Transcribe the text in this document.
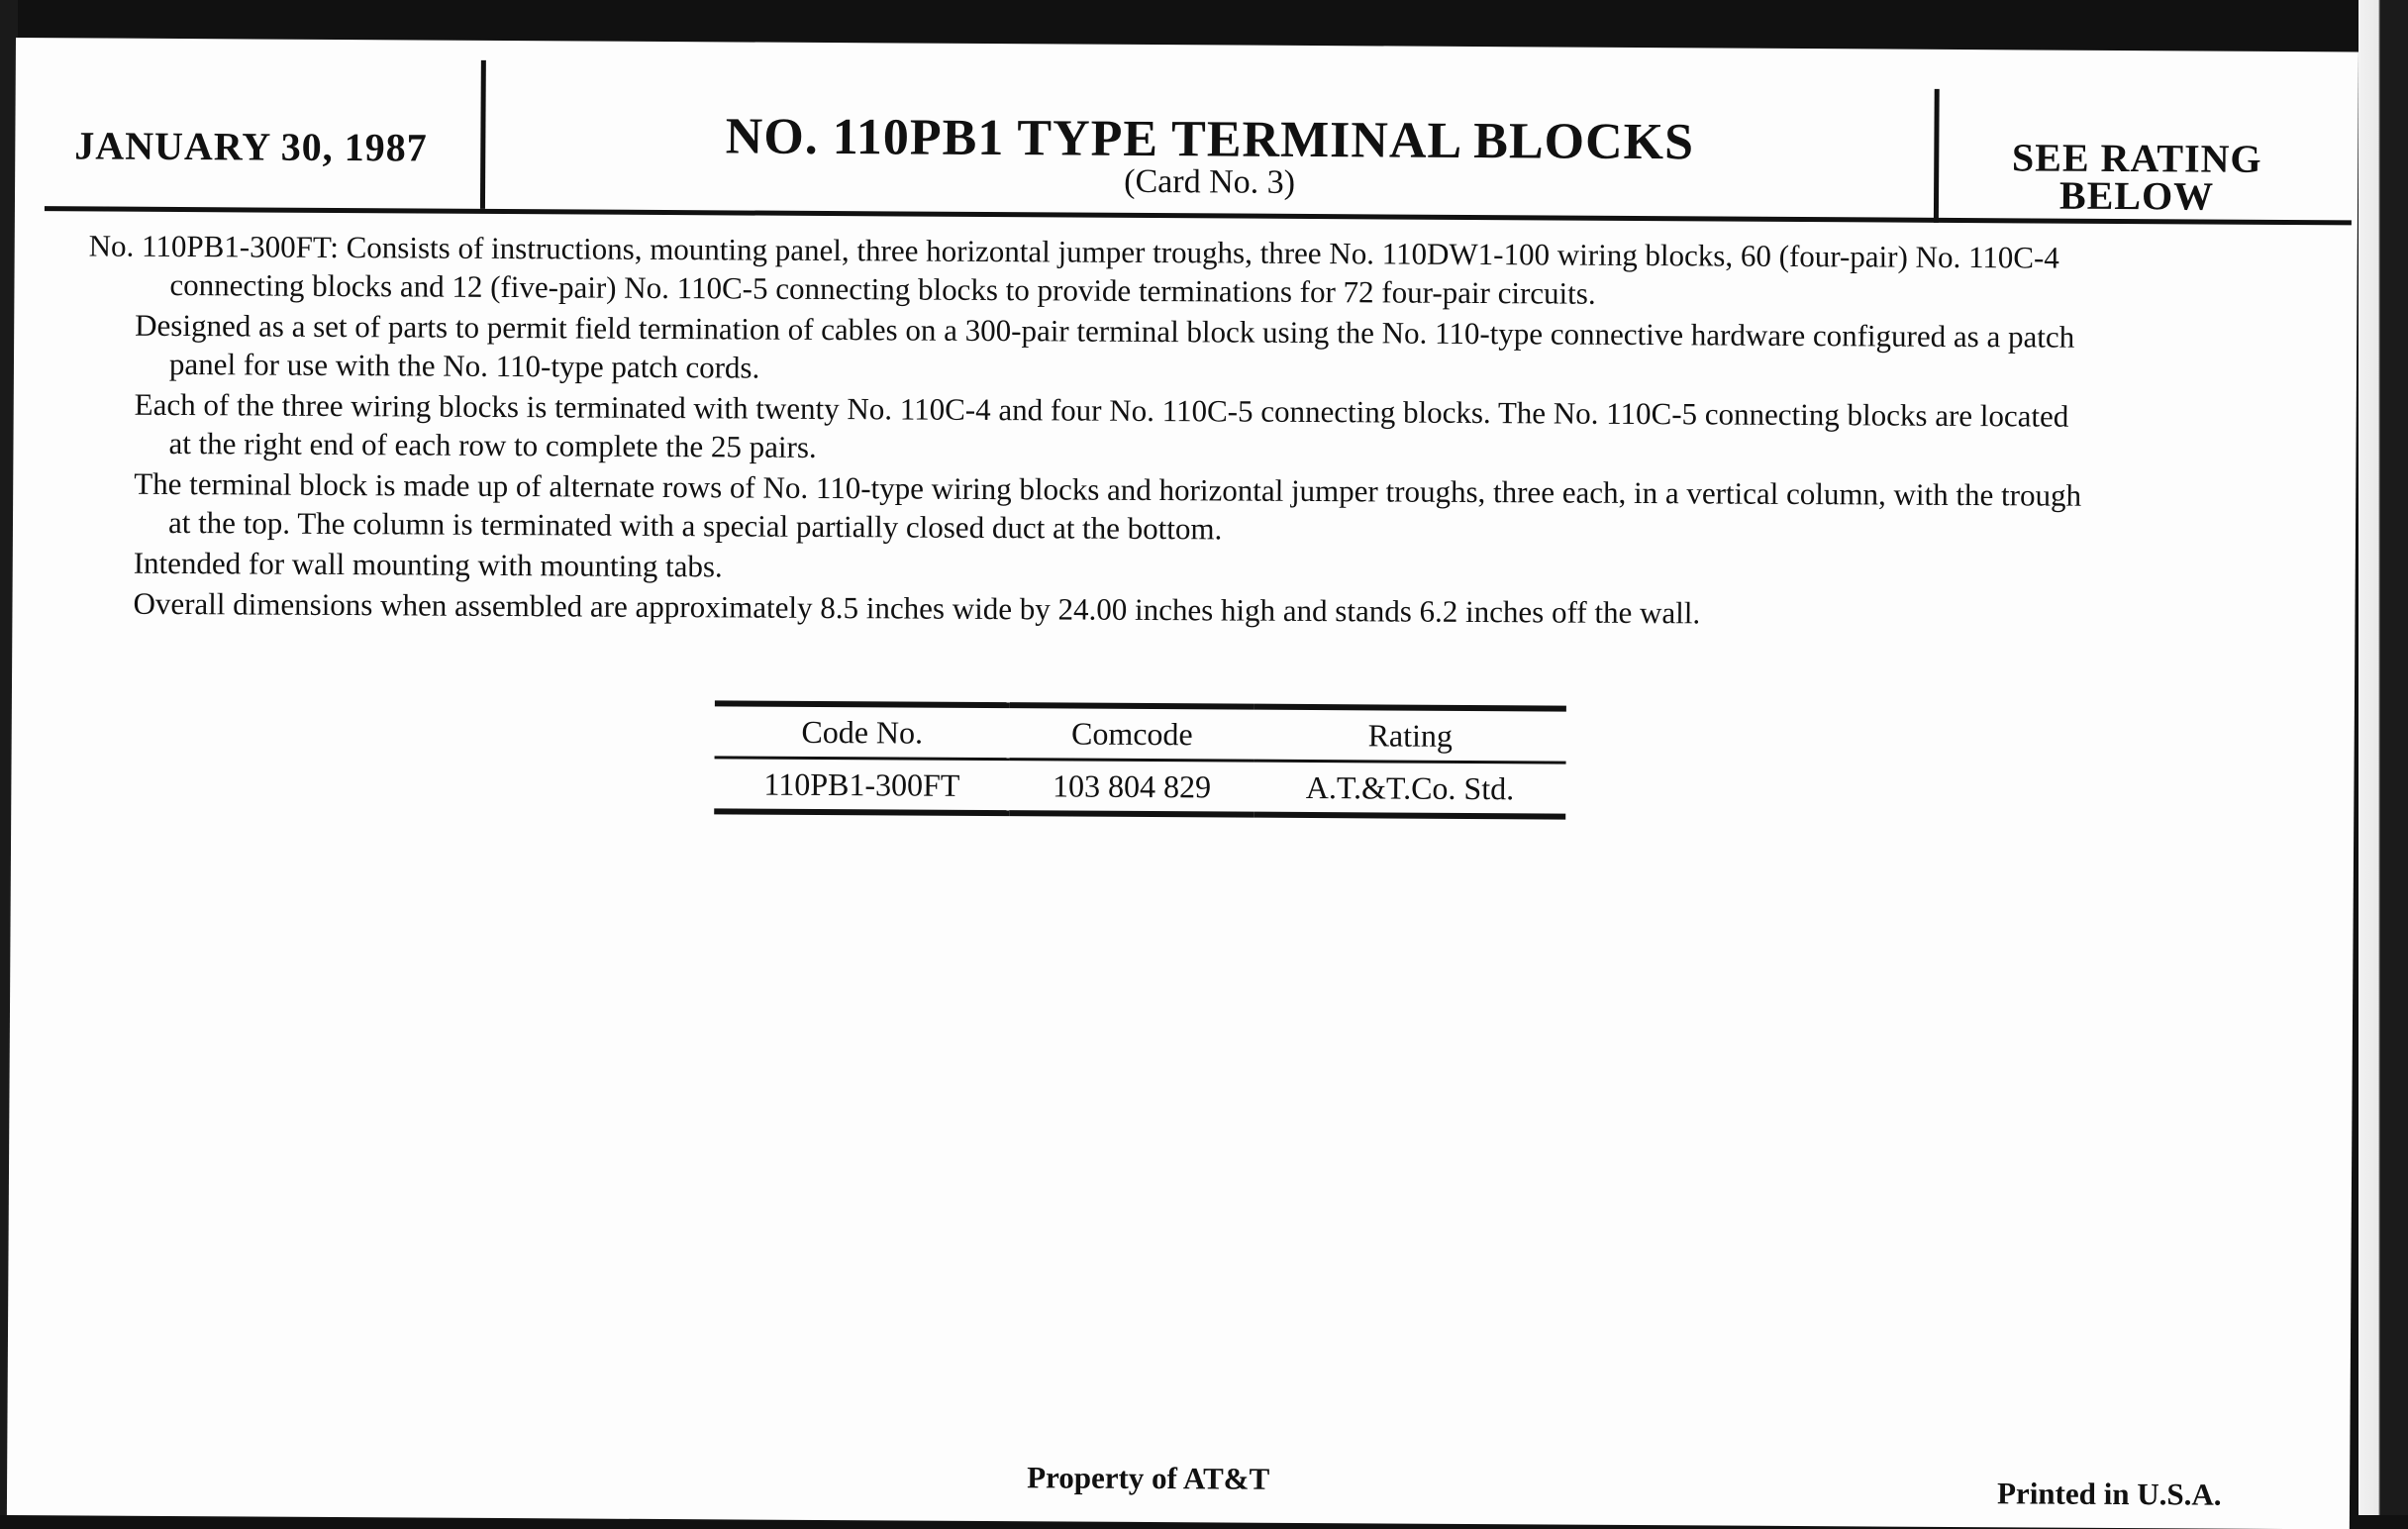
JANUARY 30, 1987	NO. 110PB1 TYPE TERMINAL BLOCKS
(Card No. 3)
SEE RATING
BELOW
No. 110PB1-300FT: Consists of instructions, mounting panel, three horizontal jumper troughs, three No. 110DW1-100 wiring blocks, 60 (four-pair) No. 110C-4
connecting blocks and 12 (five-pair) No. 110C-5 connecting blocks to provide terminations for 72 four-pair circuits.
Designed as a set of parts to permit field termination of cables on a 300-pair terminal block using the No. 110-type connective hardware configured as a patch
panel for use with the No. 110-type patch cords.
Each of the three wiring blocks is terminated with twenty No. 110C-4 and four No. 110C-5 connecting blocks. The No. 110C-5 connecting blocks are located
at the right end of each row to complete the 25 pairs.
The terminal block is made up of alternate rows of No. 110-type wiring blocks and horizontal jumper troughs, three each, in a vertical column, with the trough
at the top. The column is terminated with a special partially closed duct at the bottom.
Intended for wall mounting with mounting tabs.
Overall dimensions when assembled are approximately 8.5 inches wide by 24.00 inches high and stands 6.2 inches off the wall.
Code No.	Comcode	Rating
110PB1-300FT	103 804 829	A.T.&T.Co. Std.
Property of AT&T	Printed in U.S.A.
